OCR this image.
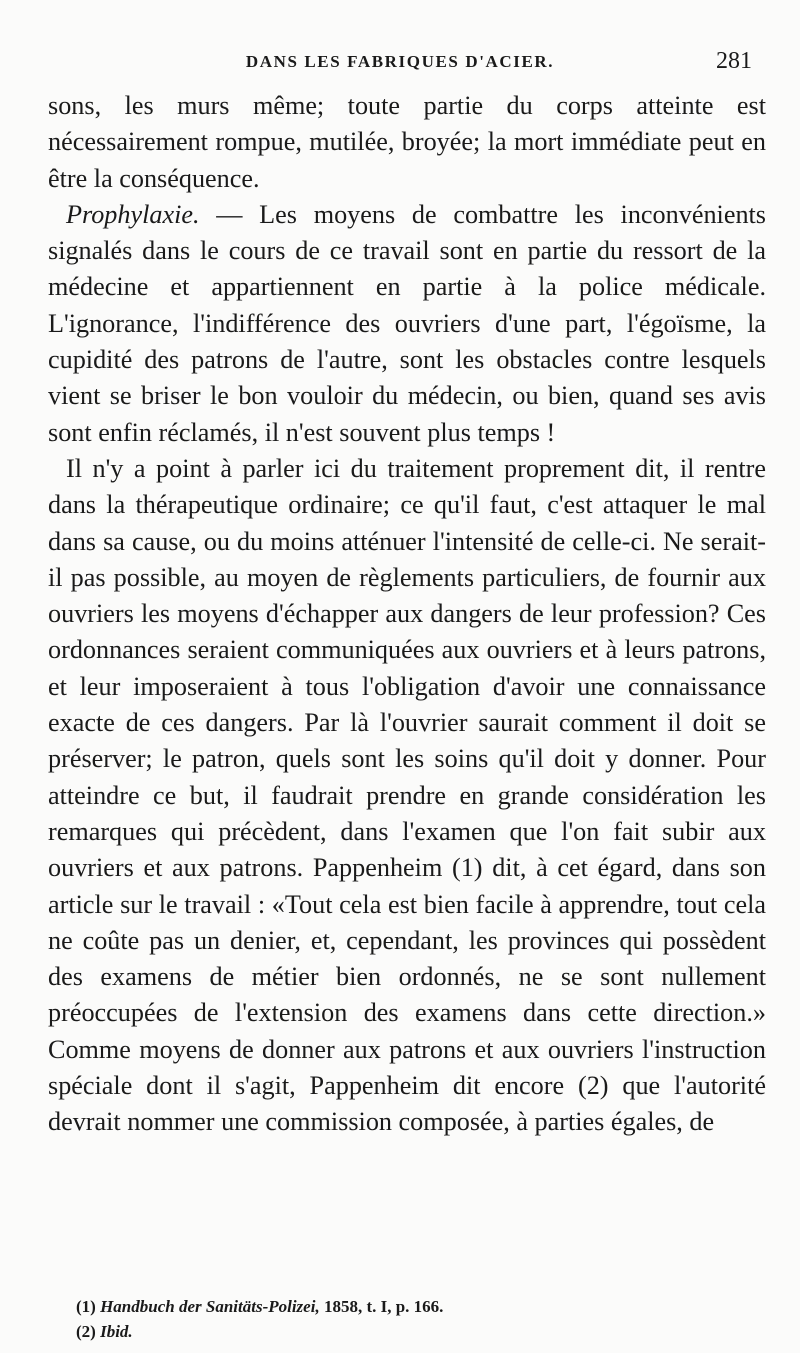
DANS LES FABRIQUES D'ACIER.	281

sons, les murs même; toute partie du corps atteinte est nécessairement rompue, mutilée, broyée; la mort immédiate peut en être la conséquence.

Prophylaxie. — Les moyens de combattre les inconvénients signalés dans le cours de ce travail sont en partie du ressort de la médecine et appartiennent en partie à la police médicale. L'ignorance, l'indifférence des ouvriers d'une part, l'égoïsme, la cupidité des patrons de l'autre, sont les obstacles contre lesquels vient se briser le bon vouloir du médecin, ou bien, quand ses avis sont enfin réclamés, il n'est souvent plus temps !

Il n'y a point à parler ici du traitement proprement dit, il rentre dans la thérapeutique ordinaire; ce qu'il faut, c'est attaquer le mal dans sa cause, ou du moins atténuer l'intensité de celle-ci. Ne serait-il pas possible, au moyen de règlements particuliers, de fournir aux ouvriers les moyens d'échapper aux dangers de leur profession? Ces ordonnances seraient communiquées aux ouvriers et à leurs patrons, et leur imposeraient à tous l'obligation d'avoir une connaissance exacte de ces dangers. Par là l'ouvrier saurait comment il doit se préserver; le patron, quels sont les soins qu'il doit y donner. Pour atteindre ce but, il faudrait prendre en grande considération les remarques qui précèdent, dans l'examen que l'on fait subir aux ouvriers et aux patrons. Pappenheim (1) dit, à cet égard, dans son article sur le travail : «Tout cela est bien facile à apprendre, tout cela ne coûte pas un denier, et, cependant, les provinces qui possèdent des examens de métier bien ordonnés, ne se sont nullement préoccupées de l'extension des examens dans cette direction.» Comme moyens de donner aux patrons et aux ouvriers l'instruction spéciale dont il s'agit, Pappenheim dit encore (2) que l'autorité devrait nommer une commission composée, à parties égales, de

(1) Handbuch der Sanitäts-Polizei, 1858, t. I, p. 166.
(2) Ibid.
